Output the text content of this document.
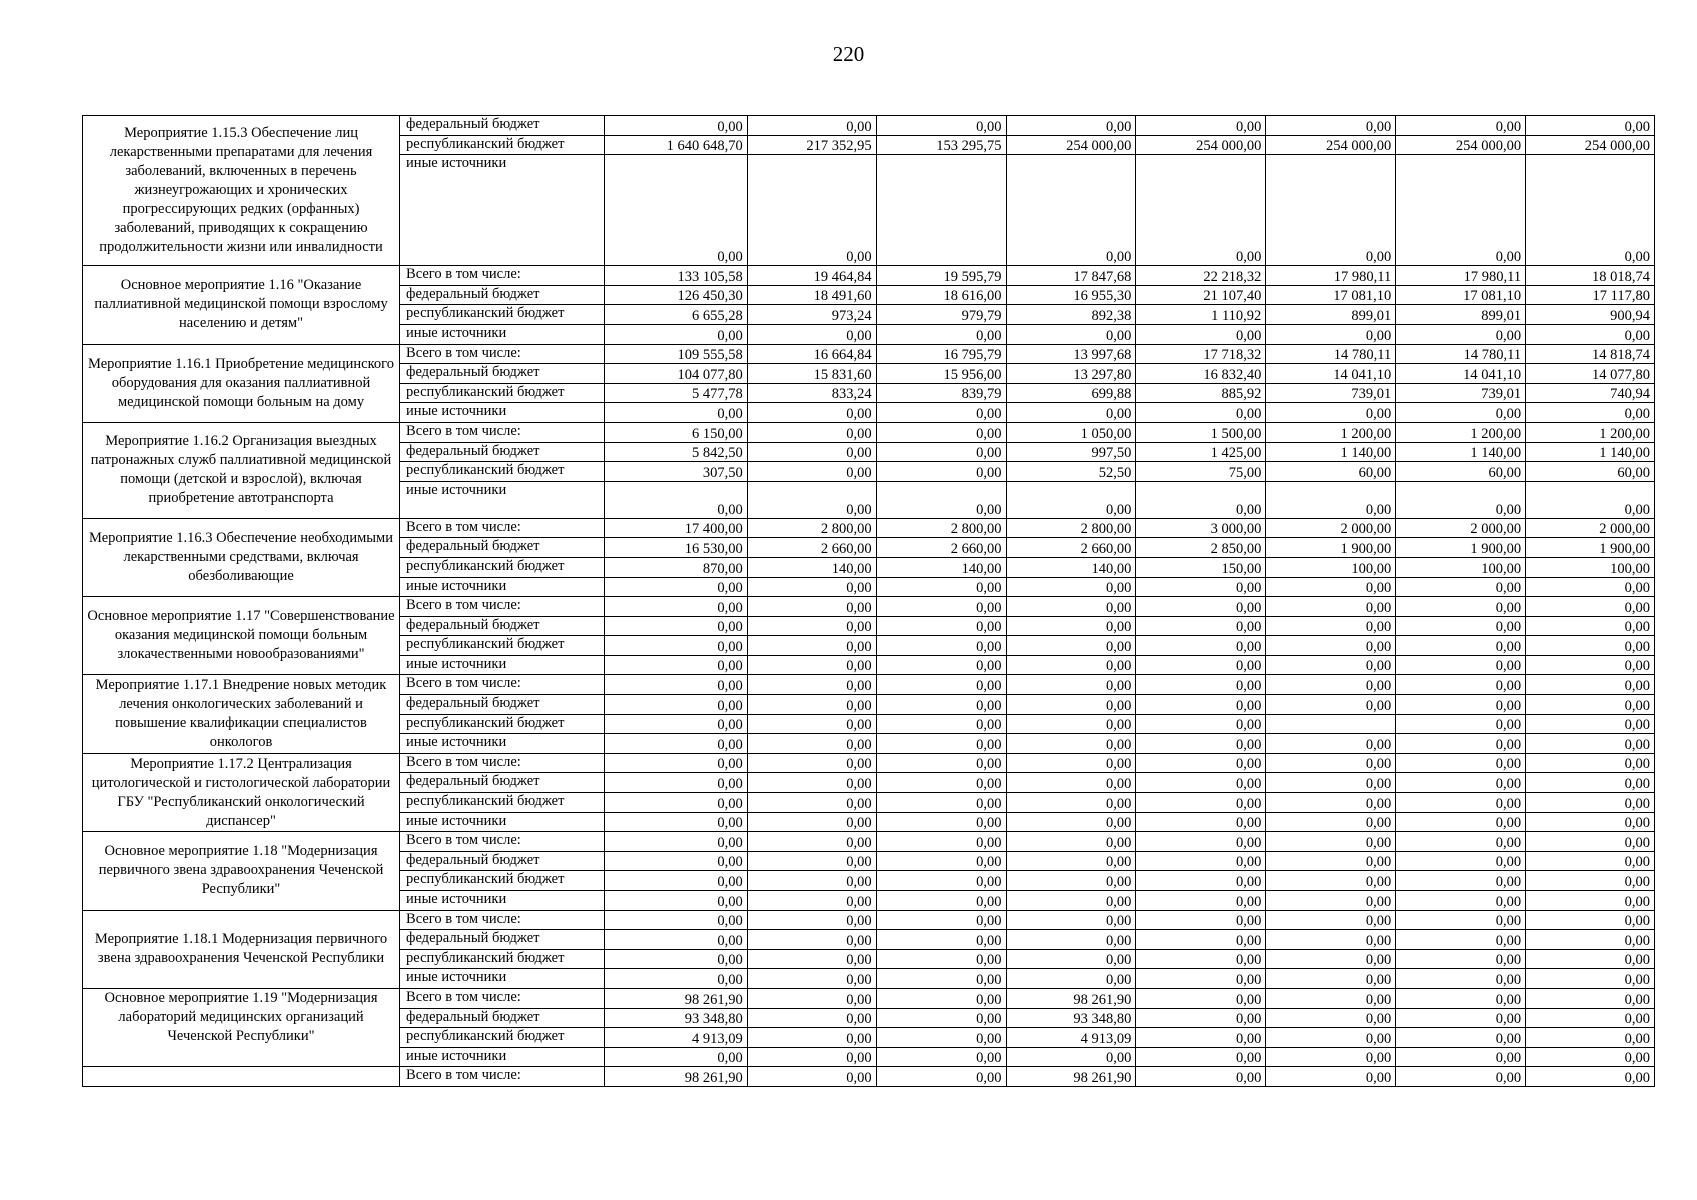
220
Мероприятие 1.15.3 Обеспечение лиц лекарственными препаратами для лечения заболеваний, включенных в перечень жизнеугрожающих и хронических прогрессирующих редких (орфанных) заболеваний, приводящих к сокращению продолжительности жизни или инвалидности	федеральный бюджет	0,00	0,00	0,00	0,00	0,00	0,00	0,00	0,00
	республиканский бюджет	1 640 648,70	217 352,95	153 295,75	254 000,00	254 000,00	254 000,00	254 000,00	254 000,00
	иные источники	0,00	0,00		0,00	0,00	0,00	0,00	0,00
Основное мероприятие 1.16 "Оказание паллиативной медицинской помощи взрослому населению и детям"	Всего в том числе:	133 105,58	19 464,84	19 595,79	17 847,68	22 218,32	17 980,11	17 980,11	18 018,74
	федеральный бюджет	126 450,30	18 491,60	18 616,00	16 955,30	21 107,40	17 081,10	17 081,10	17 117,80
	республиканский бюджет	6 655,28	973,24	979,79	892,38	1 110,92	899,01	899,01	900,94
	иные источники	0,00	0,00	0,00	0,00	0,00	0,00	0,00	0,00
Мероприятие 1.16.1 Приобретение медицинского оборудования для оказания паллиативной медицинской помощи больным на дому	Всего в том числе:	109 555,58	16 664,84	16 795,79	13 997,68	17 718,32	14 780,11	14 780,11	14 818,74
	федеральный бюджет	104 077,80	15 831,60	15 956,00	13 297,80	16 832,40	14 041,10	14 041,10	14 077,80
	республиканский бюджет	5 477,78	833,24	839,79	699,88	885,92	739,01	739,01	740,94
	иные источники	0,00	0,00	0,00	0,00	0,00	0,00	0,00	0,00
Мероприятие 1.16.2 Организация выездных патронажных служб паллиативной медицинской помощи (детской и взрослой), включая приобретение автотранспорта	Всего в том числе:	6 150,00	0,00	0,00	1 050,00	1 500,00	1 200,00	1 200,00	1 200,00
	федеральный бюджет	5 842,50	0,00	0,00	997,50	1 425,00	1 140,00	1 140,00	1 140,00
	республиканский бюджет	307,50	0,00	0,00	52,50	75,00	60,00	60,00	60,00
	иные источники	0,00	0,00	0,00	0,00	0,00	0,00	0,00	0,00
Мероприятие 1.16.3 Обеспечение необходимыми лекарственными средствами, включая обезболивающие	Всего в том числе:	17 400,00	2 800,00	2 800,00	2 800,00	3 000,00	2 000,00	2 000,00	2 000,00
	федеральный бюджет	16 530,00	2 660,00	2 660,00	2 660,00	2 850,00	1 900,00	1 900,00	1 900,00
	республиканский бюджет	870,00	140,00	140,00	140,00	150,00	100,00	100,00	100,00
	иные источники	0,00	0,00	0,00	0,00	0,00	0,00	0,00	0,00
Основное мероприятие 1.17 "Совершенствование оказания медицинской помощи больным злокачественными новообразованиями"	Всего в том числе:	0,00	0,00	0,00	0,00	0,00	0,00	0,00	0,00
	федеральный бюджет	0,00	0,00	0,00	0,00	0,00	0,00	0,00	0,00
	республиканский бюджет	0,00	0,00	0,00	0,00	0,00	0,00	0,00	0,00
	иные источники	0,00	0,00	0,00	0,00	0,00	0,00	0,00	0,00
Мероприятие 1.17.1 Внедрение новых методик лечения онкологических заболеваний и повышение квалификации специалистов онкологов	Всего в том числе:	0,00	0,00	0,00	0,00	0,00	0,00	0,00	0,00
	федеральный бюджет	0,00	0,00	0,00	0,00	0,00	0,00	0,00	0,00
	республиканский бюджет	0,00	0,00	0,00	0,00	0,00		0,00	0,00
	иные источники	0,00	0,00	0,00	0,00	0,00	0,00	0,00	0,00
Мероприятие 1.17.2 Централизация цитологической и гистологической лаборатории ГБУ "Республиканский онкологический диспансер"	Всего в том числе:	0,00	0,00	0,00	0,00	0,00	0,00	0,00	0,00
	федеральный бюджет	0,00	0,00	0,00	0,00	0,00	0,00	0,00	0,00
	республиканский бюджет	0,00	0,00	0,00	0,00	0,00	0,00	0,00	0,00
	иные источники	0,00	0,00	0,00	0,00	0,00	0,00	0,00	0,00
Основное мероприятие 1.18 "Модернизация первичного звена здравоохранения Чеченской Республики"	Всего в том числе:	0,00	0,00	0,00	0,00	0,00	0,00	0,00	0,00
	федеральный бюджет	0,00	0,00	0,00	0,00	0,00	0,00	0,00	0,00
	республиканский бюджет	0,00	0,00	0,00	0,00	0,00	0,00	0,00	0,00
	иные источники	0,00	0,00	0,00	0,00	0,00	0,00	0,00	0,00
Мероприятие 1.18.1 Модернизация первичного звена здравоохранения Чеченской Республики	Всего в том числе:	0,00	0,00	0,00	0,00	0,00	0,00	0,00	0,00
	федеральный бюджет	0,00	0,00	0,00	0,00	0,00	0,00	0,00	0,00
	республиканский бюджет	0,00	0,00	0,00	0,00	0,00	0,00	0,00	0,00
	иные источники	0,00	0,00	0,00	0,00	0,00	0,00	0,00	0,00
Основное мероприятие 1.19 "Модернизация лабораторий медицинских организаций Чеченской Республики"	Всего в том числе:	98 261,90	0,00	0,00	98 261,90	0,00	0,00	0,00	0,00
	федеральный бюджет	93 348,80	0,00	0,00	93 348,80	0,00	0,00	0,00	0,00
	республиканский бюджет	4 913,09	0,00	0,00	4 913,09	0,00	0,00	0,00	0,00
	иные источники	0,00	0,00	0,00	0,00	0,00	0,00	0,00	0,00
	Всего в том числе:	98 261,90	0,00	0,00	98 261,90	0,00	0,00	0,00	0,00
